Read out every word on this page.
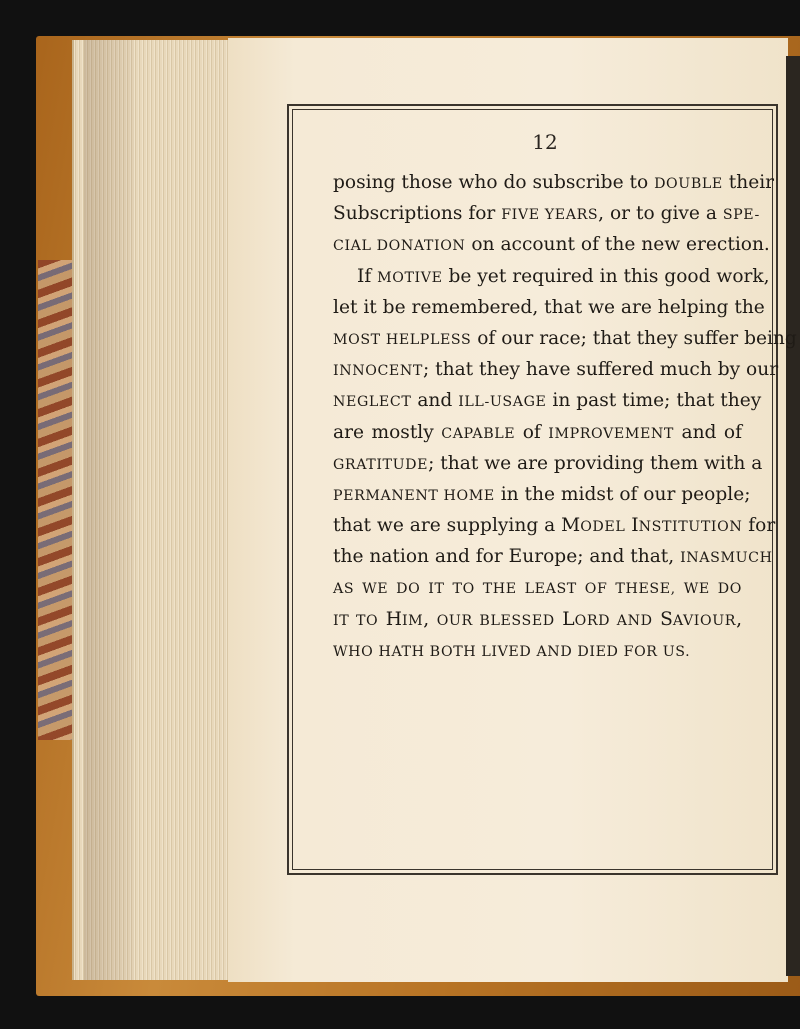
12
posing those who do subscribe to DOUBLE their
Subscriptions for FIVE YEARS, or to give a SPE-
CIAL DONATION on account of the new erection.
If MOTIVE be yet required in this good work,
let it be remembered, that we are helping the
MOST HELPLESS of our race; that they suffer being
INNOCENT; that they have suffered much by our
NEGLECT and ILL-USAGE in past time; that they
are mostly CAPABLE of IMPROVEMENT and of
GRATITUDE; that we are providing them with a
PERMANENT HOME in the midst of our people;
that we are supplying a MODEL INSTITUTION for
the nation and for Europe; and that, INASMUCH
AS WE DO IT TO THE LEAST OF THESE, WE DO
IT TO HIM, OUR BLESSED LORD AND SAVIOUR,
WHO HATH BOTH LIVED AND DIED FOR US.
